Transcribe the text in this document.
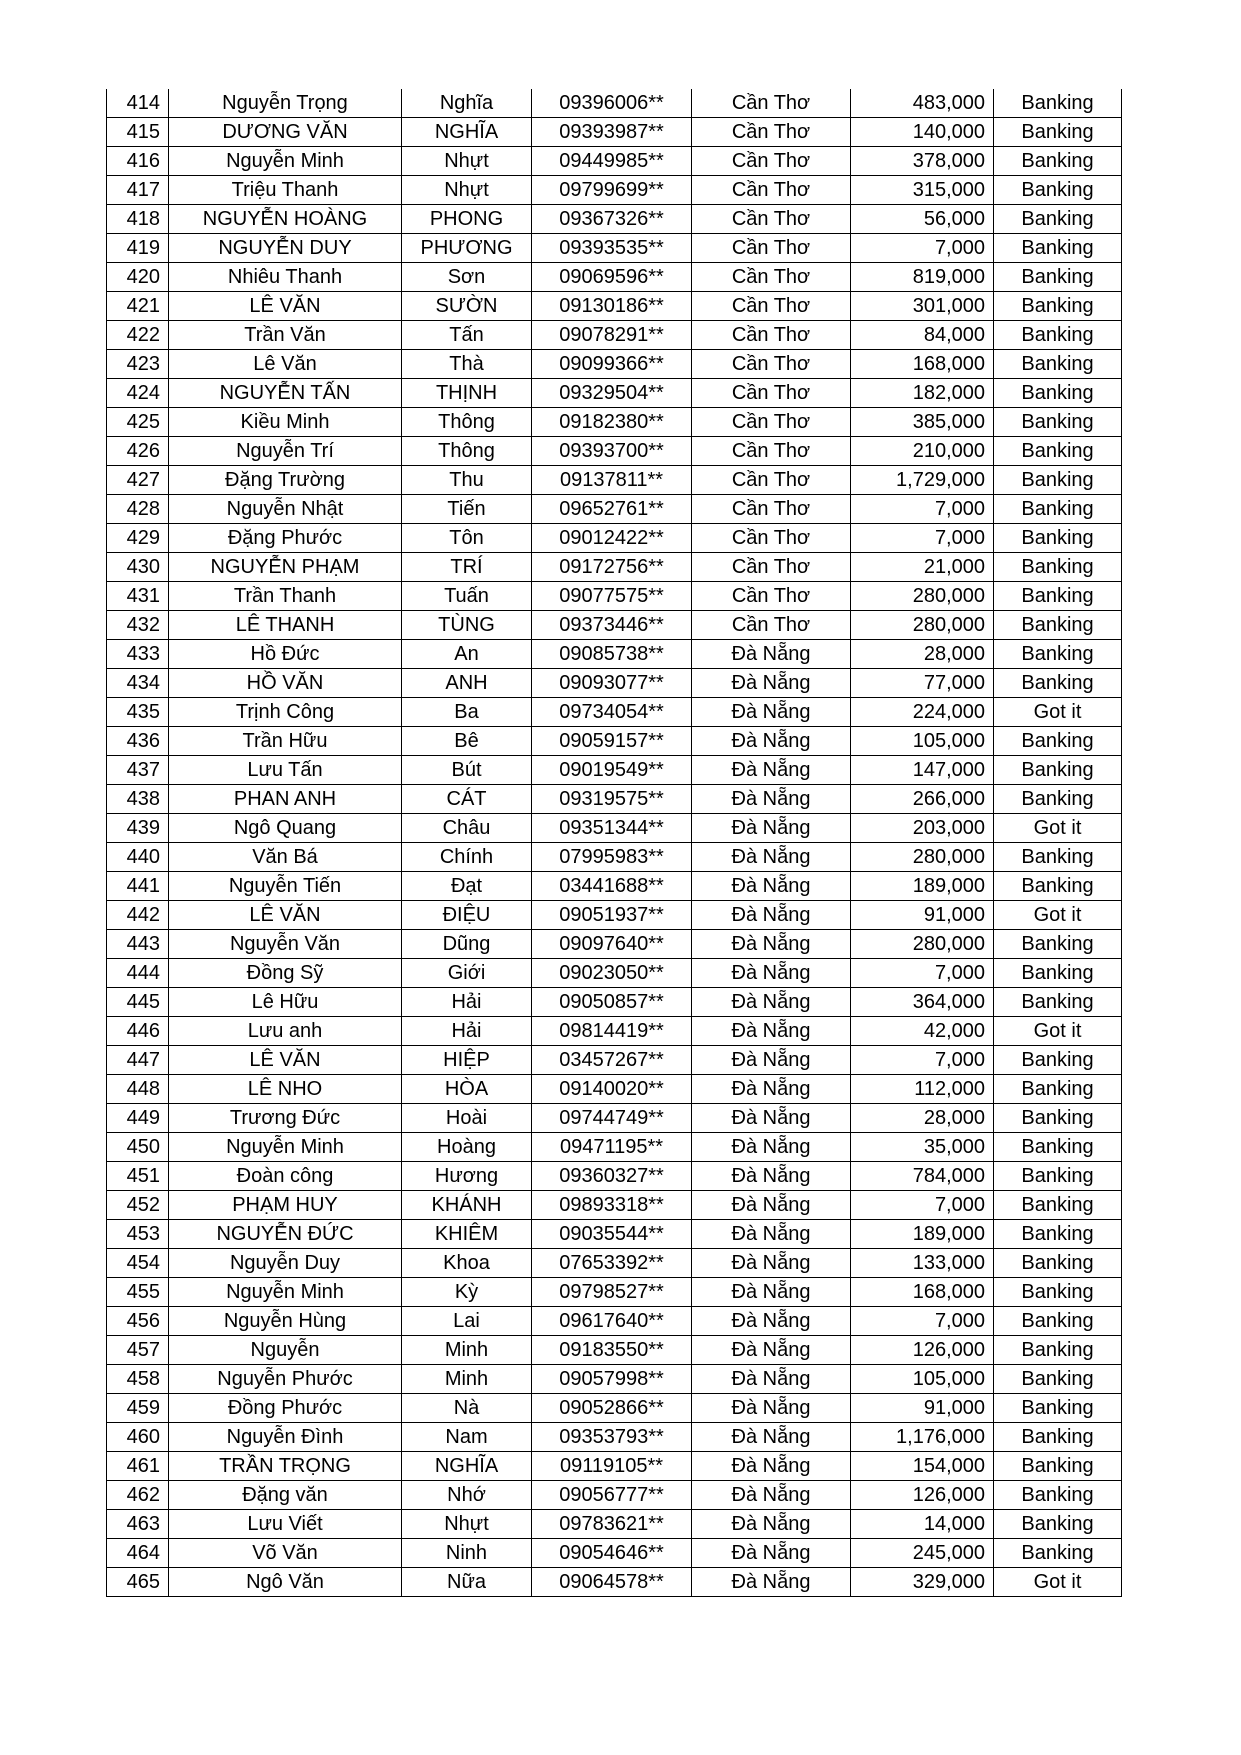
414	Nguyễn Trọng	Nghĩa	09396006**	Cần Thơ	483,000	Banking
415	DƯƠNG VĂN	NGHĨA	09393987**	Cần Thơ	140,000	Banking
416	Nguyễn Minh	Nhựt	09449985**	Cần Thơ	378,000	Banking
417	Triệu Thanh	Nhựt	09799699**	Cần Thơ	315,000	Banking
418	NGUYỄN HOÀNG	PHONG	09367326**	Cần Thơ	56,000	Banking
419	NGUYỄN DUY	PHƯƠNG	09393535**	Cần Thơ	7,000	Banking
420	Nhiêu Thanh	Sơn	09069596**	Cần Thơ	819,000	Banking
421	LÊ VĂN	SƯỜN	09130186**	Cần Thơ	301,000	Banking
422	Trần Văn	Tấn	09078291**	Cần Thơ	84,000	Banking
423	Lê Văn	Thà	09099366**	Cần Thơ	168,000	Banking
424	NGUYỄN TẤN	THỊNH	09329504**	Cần Thơ	182,000	Banking
425	Kiều Minh	Thông	09182380**	Cần Thơ	385,000	Banking
426	Nguyễn Trí	Thông	09393700**	Cần Thơ	210,000	Banking
427	Đặng Trường	Thu	09137811**	Cần Thơ	1,729,000	Banking
428	Nguyễn Nhật	Tiến	09652761**	Cần Thơ	7,000	Banking
429	Đặng Phước	Tôn	09012422**	Cần Thơ	7,000	Banking
430	NGUYỄN PHẠM	TRÍ	09172756**	Cần Thơ	21,000	Banking
431	Trần Thanh	Tuấn	09077575**	Cần Thơ	280,000	Banking
432	LÊ THANH	TÙNG	09373446**	Cần Thơ	280,000	Banking
433	Hồ Đức	An	09085738**	Đà Nẵng	28,000	Banking
434	HỒ VĂN	ANH	09093077**	Đà Nẵng	77,000	Banking
435	Trịnh Công	Ba	09734054**	Đà Nẵng	224,000	Got it
436	Trần Hữu	Bê	09059157**	Đà Nẵng	105,000	Banking
437	Lưu Tấn	Bút	09019549**	Đà Nẵng	147,000	Banking
438	PHAN ANH	CÁT	09319575**	Đà Nẵng	266,000	Banking
439	Ngô Quang	Châu	09351344**	Đà Nẵng	203,000	Got it
440	Văn Bá	Chính	07995983**	Đà Nẵng	280,000	Banking
441	Nguyễn Tiến	Đạt	03441688**	Đà Nẵng	189,000	Banking
442	LÊ VĂN	ĐIỆU	09051937**	Đà Nẵng	91,000	Got it
443	Nguyễn Văn	Dũng	09097640**	Đà Nẵng	280,000	Banking
444	Đồng Sỹ	Giới	09023050**	Đà Nẵng	7,000	Banking
445	Lê Hữu	Hải	09050857**	Đà Nẵng	364,000	Banking
446	Lưu anh	Hải	09814419**	Đà Nẵng	42,000	Got it
447	LÊ VĂN	HIỆP	03457267**	Đà Nẵng	7,000	Banking
448	LÊ NHO	HÒA	09140020**	Đà Nẵng	112,000	Banking
449	Trương Đức	Hoài	09744749**	Đà Nẵng	28,000	Banking
450	Nguyễn Minh	Hoàng	09471195**	Đà Nẵng	35,000	Banking
451	Đoàn công	Hương	09360327**	Đà Nẵng	784,000	Banking
452	PHẠM HUY	KHÁNH	09893318**	Đà Nẵng	7,000	Banking
453	NGUYỄN ĐỨC	KHIÊM	09035544**	Đà Nẵng	189,000	Banking
454	Nguyễn Duy	Khoa	07653392**	Đà Nẵng	133,000	Banking
455	Nguyễn Minh	Kỳ	09798527**	Đà Nẵng	168,000	Banking
456	Nguyễn Hùng	Lai	09617640**	Đà Nẵng	7,000	Banking
457	Nguyễn	Minh	09183550**	Đà Nẵng	126,000	Banking
458	Nguyễn Phước	Minh	09057998**	Đà Nẵng	105,000	Banking
459	Đồng Phước	Nà	09052866**	Đà Nẵng	91,000	Banking
460	Nguyễn Đình	Nam	09353793**	Đà Nẵng	1,176,000	Banking
461	TRẦN TRỌNG	NGHĨA	09119105**	Đà Nẵng	154,000	Banking
462	Đặng văn	Nhớ	09056777**	Đà Nẵng	126,000	Banking
463	Lưu Viết	Nhựt	09783621**	Đà Nẵng	14,000	Banking
464	Võ Văn	Ninh	09054646**	Đà Nẵng	245,000	Banking
465	Ngô Văn	Nữa	09064578**	Đà Nẵng	329,000	Got it
